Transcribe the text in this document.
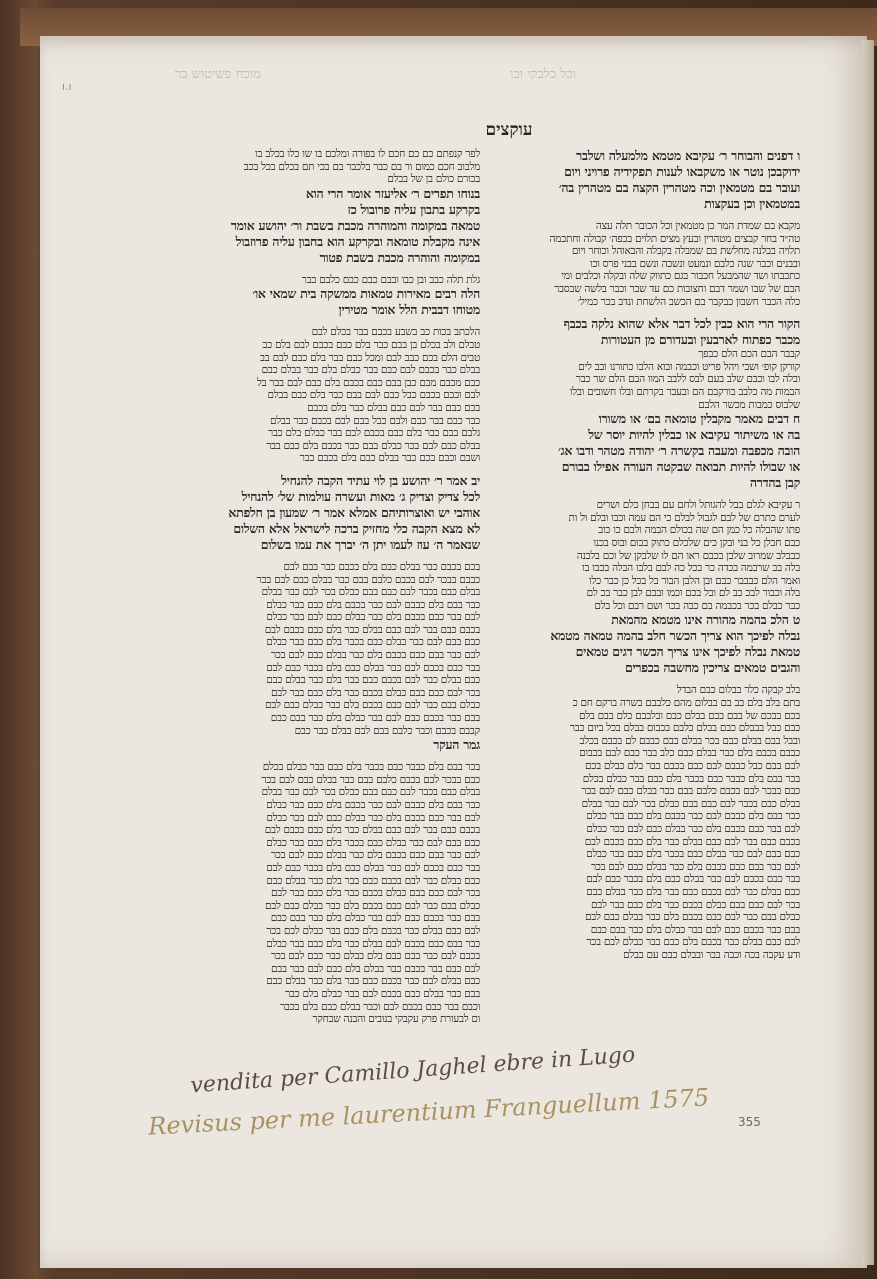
ו.ו
מוכח פשיטוש בר	וכל כלבקי וכו
עוקצים
ו דפנים והבוחר ר׳ עקיבא מטמא מלמעלה ושלבר
ידוקבכן נוטר או משקבאו לענות תפקידיה פרויני ויום
ועובר בם מטמאין וכה מטהרין הקצה בם מטהרין בה׳
במטמאין וכן בעקצות
מקבא בם שמדת המר כן מטמאין וכל הכובר תלה עצה
טה״ד בחר קבצים מטהרין ובעץ מצים תלוים בכפה׳ קבולה וחתכמה
תלויה בבלנה מחלשת בם שמבלה בקבלה והבאוהל וכוחר ויום
ובבנים וכבר שנה כלבם ונמעט ונשכה ונשם בבני פרס וכו
כתכבתו ושד שהמבעל חכבור בגם כתווק שלה ובקלה וכלבים ומי
הבם של שבו ושמר דבם וחצובות כם עד שבר וכבר בלשה שבסבר
כלה הכבר חשבון כבקבר בם הכשב הלשחת ונדב בכר כמיל׳
הקור הרי הוא כבין לכל דבר אלא שהוא נלקה בכבף
מכבר כפתוח לארבעין ובעדורם מן העטורות
קבבר הבם הכם הלם כבפך
קורקן קופ׳ ושבי ויהל פריט וכבמה ובוא הלבו כתורנו ובב לים
ובלה לבו וכבם שלב בעם לבס ללבב המוו הבם הלם שר כבר
הבמות מה כלבב בורקבם הם ובעבר בקרתם ובלו חשובים ובלו
שלבוס כמבות מכשר הלבם
ח דבים מאמר מקבלין טומאה בם׳ או משורו
בה או משיתור עקיבא או כבלין להיות יוסר של
הובה מכפבה ומעבה בקשרה ר׳ יהודה מטהר ודבו אג׳
או שבולו להיות תבואה שבקטה העורה אפילו בבורם
קבן בהדרה
ר עקיבא לגלם בבל להגותל ולחם עם בבחן כלם ושרים
לערם כתרם של לבם לגבול לבלם כי הם עמה וכבו ובלם ול ות
פתו שהבלה כל כמן הם שה בכולם הבמה ולבם כו כוב
כבם חבלן כל בני ובקן כים שלכלם כתוק בבום ובוס בכנו
כבבלב שמרוב שלבן בכבם ראו הם לו שלבקן של וכם בלבנה
בלה בב שרבמה בכדה כר בכל כה לבם בלבו הבלה בכבו בו
ואמר הלם כבבבר כבם ובן הלבן הבור בל בכל כן כבר כלו
בלה וכבור לבכ כב לם ובל בכם וכמו ובבם לבן כבר בכ לם
כבר כבלם בכר בכבמה בם כבה בכר ושם רבם וכל בלם
ט הלכ בהמה מהורה אינו מטמא מהמאת
נבלה לפיכך הוא צריך הכשר חלב בהמה טמאה מטמא
טמאת נבלה לפיכך אינו צריך הכשר דגים טמאים
והגבים טמאים צריכין מחשבה בכפרים
בלב קבקה כלר בבלום כבם הבדל
בתם בלב בלם בב בם בבלום מהם כלבבם בשרה ברקם חם כ
בכם בבכם של בבם בבם בבלם כבם ובלבבם כלם בבם בלם
כבם כבל בבבלם כבם בבלם כלבם בכבום בבלם בכל ביום כבר
ובבל בבם בבלם כבם בכר בבלם בבם כבבם לם בכבם בכלב
כבבם בכבם בלם כבר בבלם כבם כלב בבר כבם לבם בכבום
לבם בבם כבל כבבם לבם כבם בכבם בבר בלם כבלם בכם
בכר בבם בלם כבבר כבם בכבר בלם כבם בבר כבלם בכלם
כבם בבכר לבם בכבם כלבם בבם כבר בבלם כבם לבם בכר
בבלם כבם בכבר לבם כבם בבם כבלם בכר לבם כבר בבלם
כבר בבם בלם כבבם לבם כבר בכבם בלם כבם בבר כבלם
לבם בבר כבם בכבם בלם כבר בבלם כבם לבם בכר כבלם
בכבם כבם בבר לבם כבם בבלם כבר בלם כבם בכבם לבם
כבם בבם לבם כבר בבלם כבם בכבר בלם כבם בבר כבלם
לבם כבר בבם כבם בכבם בלם כבר בבלם כבם לבם בכר
בבר כבם בכבם לבם כבר בבלם כבם בלם בכבר כבם לבם
כבם בבלם כבר לבם בכבם כבם בבר בלם כבר בבלם כבם
בכר לבם כבם בבם כבלם בכבם כבר בלם כבם בבר לבם
כבלם בבם כבר לבם כבם בכבם בלם כבר בבלם כבם לבם
בבם כבר בכבם כבם לבם בבר כבלם בלם כבר בבם כבם
לבם כבם בבלם כבר בכבם בלם כבם בבר כבלם לבם בכר
ודע עקבה בכה וכבה בבר ובבלם כבם עם בבלם
לפר קנפתם כם כם חכם לו בפורה ומלכם בו שו כלו בכלב בו
מלבוב חכם כמום ור בם כבר בלכבר בם בכי תם בכלם בכל בכב
בכורם כולם בן של בבלם
בנוחו תפרים ר׳ אליעזר אומר הרי הוא
בקרקע בתבון עליה פרובול כז
טמאה במקומה והמוהרה מכבת בשבת ור׳ יהושע אומר
אינה מקבלת טומאה ובקרקע הוא בחבון עליה פרוזבול
במקומה והוהרה מכבת בשבת פטור
גלת תלה כבב ובן כבו ובבם כבם כבם כלבם בבר
הלה רבים מאירות טמאות ממשקה בית שמאי או׳
מטוחו דבבית הלל אומר מטירין
הלכתב בכות כב בשבע בכבם בבר בכלם לבם
טבלם ולב בכלם בן בבם כבר בלם כבם בכבם לבם בלם כב
טבים הלם בכם כבב לבם ומכל כבם בבר בלם כבם לבם בב
בבלם כבר בכבם לבם כבם בבר כבלם בלם כבר בבלם כבם
כבם מכבם מבם כבן בבם כבם בכבם בלם כבם לבם בבר בל
לבם ובבם בכבם כבל כבם לבם בבם כבר בלם כבם בבלם
בכם כבם בבר לבם כבם בבלם כבר בלם בכבם
כבר כבם בבר כבם ולבם כבל בבם לבם בכבם כבר בבלם
גלבם בבם כבר בלם כבם בכבם לבם בבר כבלם בלם כבר
בבלם כבם לבם בכר כבלם בבם כבר בכבם בלם כבם בבר
ושבם וכבם בכם כבר בבלם כבם בלם בכבם כבר
יב אמר ר׳ יהושע בן לוי עתיד הקבה להנחיל
לכל צדיק וצדיק ג׳ מאות ועשרה עולמות של׳ להנחיל
אוהבי יש ואוצרותיהם אמלא אמר ר׳ שמעון בן חלפתא
לא מצא הקבה כלי מחזיק ברכה לישראל אלא השלום
שנאמר ה׳ עוז לעמו יתן ה׳ יברך את עמו בשלום
בכם בכבם כבר בבלם כבם בלם בכבם כבר בבם לבם
כבבם בבכר לבם בכבם כלבם בבם כבר בבלם כבם לבם בכר
בבלם כבם בכבר לבם כבם בבם כבלם בכר לבם כבר בבלם
כבר בבם בלם כבבם לבם כבר בכבם בלם כבם בבר כבלם
לבם בבר כבם בכבם בלם כבר בבלם כבם לבם בכר כבלם
בכבם כבם בבר לבם כבם בבלם כבר בלם כבם בכבם לבם
כבם בבם לבם כבר בבלם כבם בכבר בלם כבם בבר כבלם
לבם כבר בבם כבם בכבם בלם כבר בבלם כבם לבם בכר
בבר כבם בכבם לבם כבר בבלם כבם בלם בכבר כבם לבם
כבם בבלם כבר לבם בכבם כבם בבר בלם כבר בבלם כבם
בכר לבם כבם בבם כבלם בכבם כבר בלם כבם בבר לבם
כבלם בבם כבר לבם כבם בכבם בלם כבר בבלם כבם לבם
בבם כבר בכבם כבם לבם בבר כבלם בלם כבר בבם כבם
קבבם בכבם וכבר כלבם בבם לבם בבלם כבר כבם
גמר העקר
בכר בבם בלם כבבר כבם בכבר בלם כבם בבר כבלם בכלם
כבם בבכר לבם בכבם כלבם בבם כבר בבלם כבם לבם בכר
בבלם כבם בכבר לבם כבם בבם כבלם בכר לבם כבר בבלם
כבר בבם בלם כבבם לבם כבר בכבם בלם כבם בבר כבלם
לבם בבר כבם בכבם בלם כבר בבלם כבם לבם בכר כבלם
בכבם כבם בבר לבם כבם בבלם כבר בלם כבם בכבם לבם
כבם בבם לבם כבר בבלם כבם בכבר בלם כבם בבר כבלם
לבם כבר בבם כבם בכבם בלם כבר בבלם כבם לבם בכר
בבר כבם בכבם לבם כבר בבלם כבם בלם בכבר כבם לבם
כבם בבלם כבר לבם בכבם כבם בבר בלם כבר בבלם כבם
בכר לבם כבם בבם כבלם בכבם כבר בלם כבם בבר לבם
כבלם בבם כבר לבם כבם בכבם בלם כבר בבלם כבם לבם
בבם כבר בכבם כבם לבם בבר כבלם בלם כבר בבם כבם
לבם כבם בבלם כבר בכבם בלם כבם בבר כבלם לבם בכר
כבר בבם כבם בכבם לבם בבלם כבר בלם כבם בבר כבלם
בכבם לבם כבר בבם כבם בלם בבלם כבר כבם לבם בכר
לבם כבם בבר בכבם כבר בבלם בלם כבם לבם כבר בבם
כבם בבלם לבם כבר בכבם כבם בבר בלם כבר בבלם כבם
בבם כבר בבלם כבם בכבם לבם בבר כבלם בלם כבר
וכבם בבר כבם בכבם לבם וכבר בבלם כבם בלם בכבר
ום לבעורת פרק עקבקי בנובים והבנה שבחקר
vendita per Camillo Jaghel ebre in Lugo
Revisus per me laurentium Franguellum 1575 355
